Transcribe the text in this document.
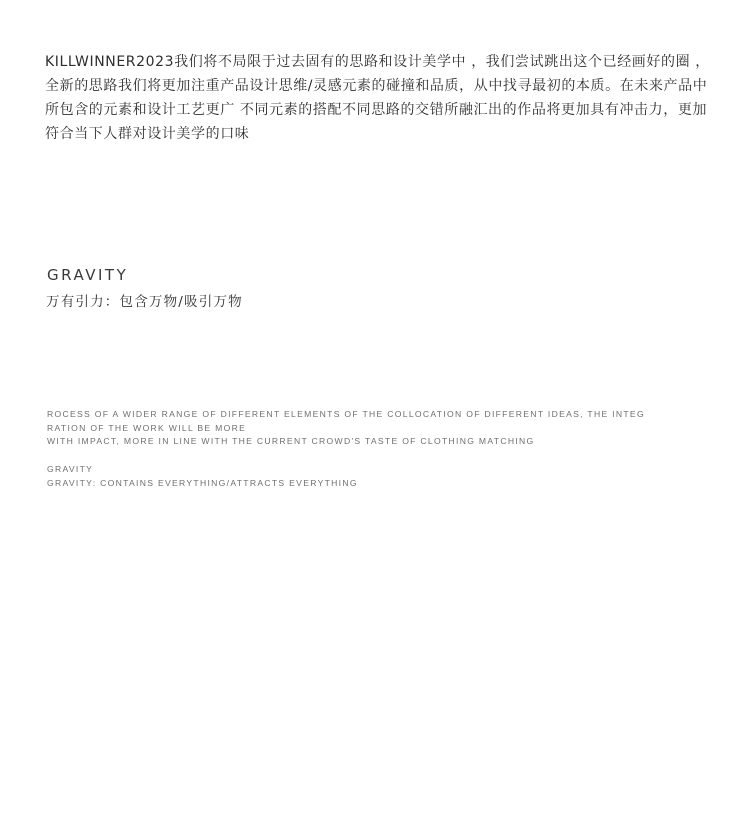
KILLWINNER2023我们将不局限于过去固有的思路和设计美学中 ，我们尝试跳出这个已经画好的圈 ，全新的思路我们将更加注重产品设计思维/灵感元素的碰撞和品质，从中找寻最初的本质。在未来产品中所包含的元素和设计工艺更广 不同元素的搭配不同思路的交错所融汇出的作品将更加具有冲击力，更加符合当下人群对设计美学的口味
GRAVITY
万有引力：包含万物/吸引万物
ROCESS OF A WIDER RANGE OF DIFFERENT ELEMENTS OF THE COLLOCATION OF DIFFERENT IDEAS, THE INTEG
RATION OF THE WORK WILL BE MORE
WITH IMPACT, MORE IN LINE WITH THE CURRENT CROWD'S TASTE OF CLOTHING MATCHING
GRAVITY
GRAVITY: CONTAINS EVERYTHING/ATTRACTS EVERYTHING
